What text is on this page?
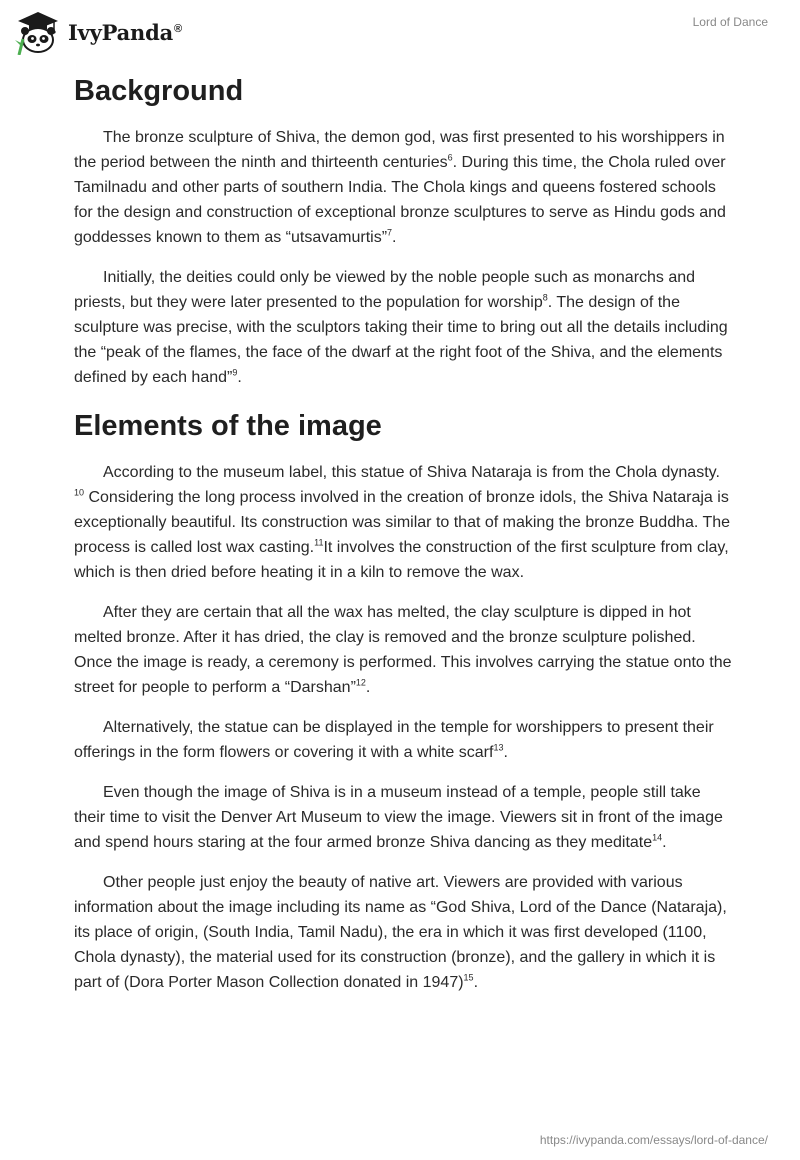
IvyPanda®	Lord of Dance
Background

The bronze sculpture of Shiva, the demon god, was first presented to his worshippers in the period between the ninth and thirteenth centuries$^6$. During this time, the Chola ruled over Tamilnadu and other parts of southern India. The Chola kings and queens fostered schools for the design and construction of exceptional bronze sculptures to serve as Hindu gods and goddesses known to them as “utsavamurtis”$^7$.

Initially, the deities could only be viewed by the noble people such as monarchs and priests, but they were later presented to the population for worship$^8$. The design of the sculpture was precise, with the sculptors taking their time to bring out all the details including the “peak of the flames, the face of the dwarf at the right foot of the Shiva, and the elements defined by each hand”$^9$.

Elements of the image

According to the museum label, this statue of Shiva Nataraja is from the Chola dynasty. $^{10}$ Considering the long process involved in the creation of bronze idols, the Shiva Nataraja is exceptionally beautiful. Its construction was similar to that of making the bronze Buddha. The process is called lost wax casting.$^{11}$It involves the construction of the first sculpture from clay, which is then dried before heating it in a kiln to remove the wax.

After they are certain that all the wax has melted, the clay sculpture is dipped in hot melted bronze. After it has dried, the clay is removed and the bronze sculpture polished. Once the image is ready, a ceremony is performed. This involves carrying the statue onto the street for people to perform a “Darshan”$^{12}$.

Alternatively, the statue can be displayed in the temple for worshippers to present their offerings in the form flowers or covering it with a white scarf$^{13}$.

Even though the image of Shiva is in a museum instead of a temple, people still take their time to visit the Denver Art Museum to view the image. Viewers sit in front of the image and spend hours staring at the four armed bronze Shiva dancing as they meditate$^{14}$.

Other people just enjoy the beauty of native art. Viewers are provided with various information about the image including its name as “God Shiva, Lord of the Dance (Nataraja), its place of origin, (South India, Tamil Nadu), the era in which it was first developed (1100, Chola dynasty), the material used for its construction (bronze), and the gallery in which it is part of (Dora Porter Mason Collection donated in 1947)$^{15}$.

https://ivypanda.com/essays/lord-of-dance/
